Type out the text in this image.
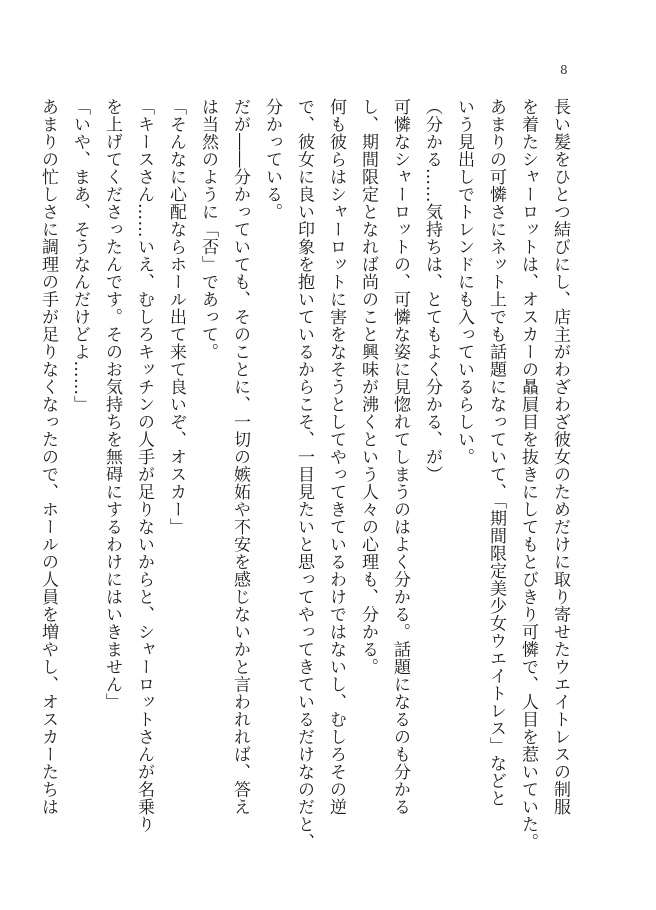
8
長い髪をひとつ結びにし、店主がわざわざ彼女のためだけに取り寄せたウエイトレスの制服
を着たシャーロットは、オスカーの贔屓目を抜きにしてもとびきり可憐で、人目を惹いていた。
あまりの可憐さにネット上でも話題になっていて、「期間限定美少女ウエイトレス」などと
いう見出しでトレンドにも入っているらしい。
（分かる……気持ちは、とてもよく分かる、が）
可憐なシャーロットの、可憐な姿に見惚れてしまうのはよく分かる。話題になるのも分かる
し、期間限定となれば尚のこと興味が沸くという人々の心理も、分かる。
何も彼らはシャーロットに害をなそうとしてやってきているわけではないし、むしろその逆
で、彼女に良い印象を抱いているからこそ、一目見たいと思ってやってきているだけなのだと、
分かっている。
だが――分かっていても、そのことに、一切の嫉妬や不安を感じないかと言われれば、答え
は当然のように「否」であって。
「そんなに心配ならホール出て来て良いぞ、オスカー」
「キースさん……いえ、むしろキッチンの人手が足りないからと、シャーロットさんが名乗り
を上げてくださったんです。そのお気持ちを無碍にするわけにはいきません」
「いや、まあ、そうなんだけどよ……」
あまりの忙しさに調理の手が足りなくなったので、ホールの人員を増やし、オスカーたちは
